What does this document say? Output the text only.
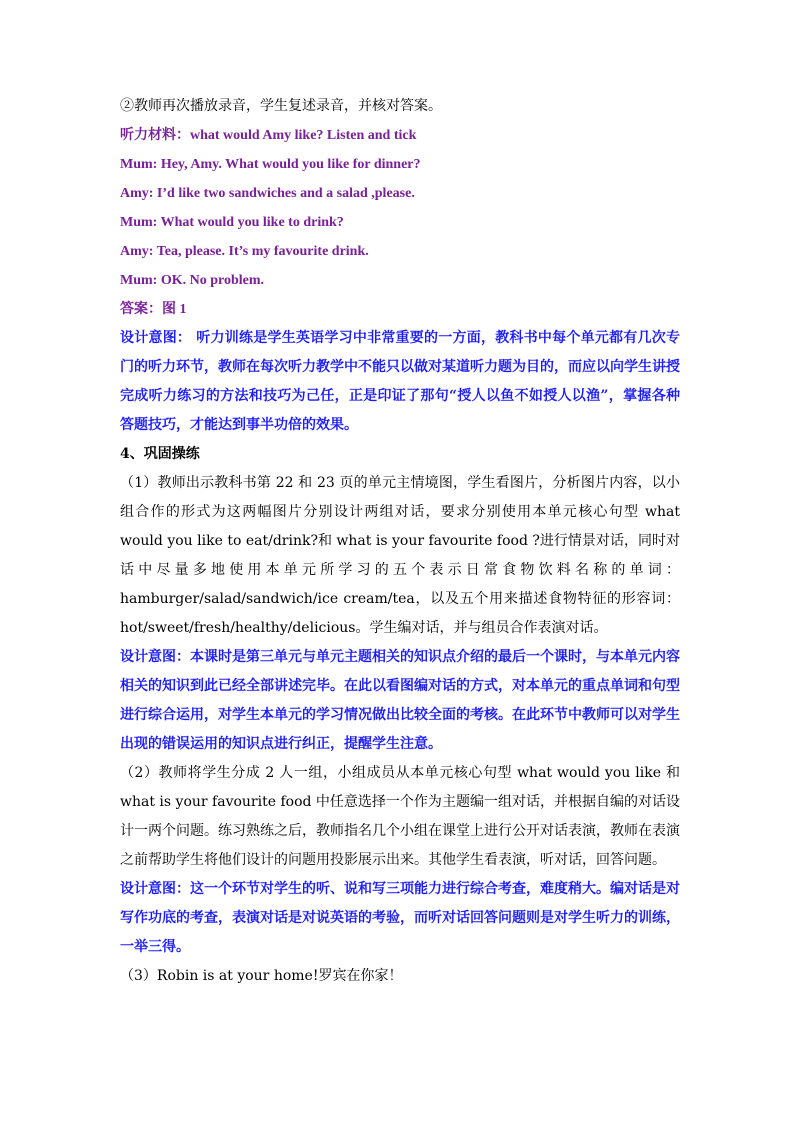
②教师再次播放录音，学生复述录音，并核对答案。

听力材料：what would Amy like? Listen and tick

Mum: Hey, Amy. What would you like for dinner?

Amy: I’d like two sandwiches and a salad ,please.

Mum: What would you like to drink?

Amy: Tea, please. It’s my favourite drink.

Mum: OK. No problem.

答案：图 1

设计意图： 听力训练是学生英语学习中非常重要的一方面，教科书中每个单元都有几次专门的听力环节，教师在每次听力教学中不能只以做对某道听力题为目的，而应以向学生讲授完成听力练习的方法和技巧为己任，正是印证了那句“授人以鱼不如授人以渔”，掌握各种答题技巧，才能达到事半功倍的效果。

4、巩固操练

（1）教师出示教科书第 22 和 23 页的单元主情境图，学生看图片，分析图片内容，以小组合作的形式为这两幅图片分别设计两组对话，要求分别使用本单元核心句型 what would you like to eat/drink?和 what is your favourite food ?进行情景对话，同时对话中尽量多地使用本单元所学习的五个表示日常食物饮料名称的单词：hamburger/salad/sandwich/ice cream/tea，以及五个用来描述食物特征的形容词：hot/sweet/fresh/healthy/delicious。学生编对话，并与组员合作表演对话。

设计意图：本课时是第三单元与单元主题相关的知识点介绍的最后一个课时，与本单元内容相关的知识到此已经全部讲述完毕。在此以看图编对话的方式，对本单元的重点单词和句型进行综合运用，对学生本单元的学习情况做出比较全面的考核。在此环节中教师可以对学生出现的错误运用的知识点进行纠正，提醒学生注意。

（2）教师将学生分成 2 人一组，小组成员从本单元核心句型 what would you like 和 what is your favourite food 中任意选择一个作为主题编一组对话，并根据自编的对话设计一两个问题。练习熟练之后，教师指名几个小组在课堂上进行公开对话表演，教师在表演之前帮助学生将他们设计的问题用投影展示出来。其他学生看表演，听对话，回答问题。

设计意图：这一个环节对学生的听、说和写三项能力进行综合考查，难度稍大。编对话是对写作功底的考查，表演对话是对说英语的考验，而听对话回答问题则是对学生听力的训练，一举三得。

（3）Robin is at your home!罗宾在你家！
